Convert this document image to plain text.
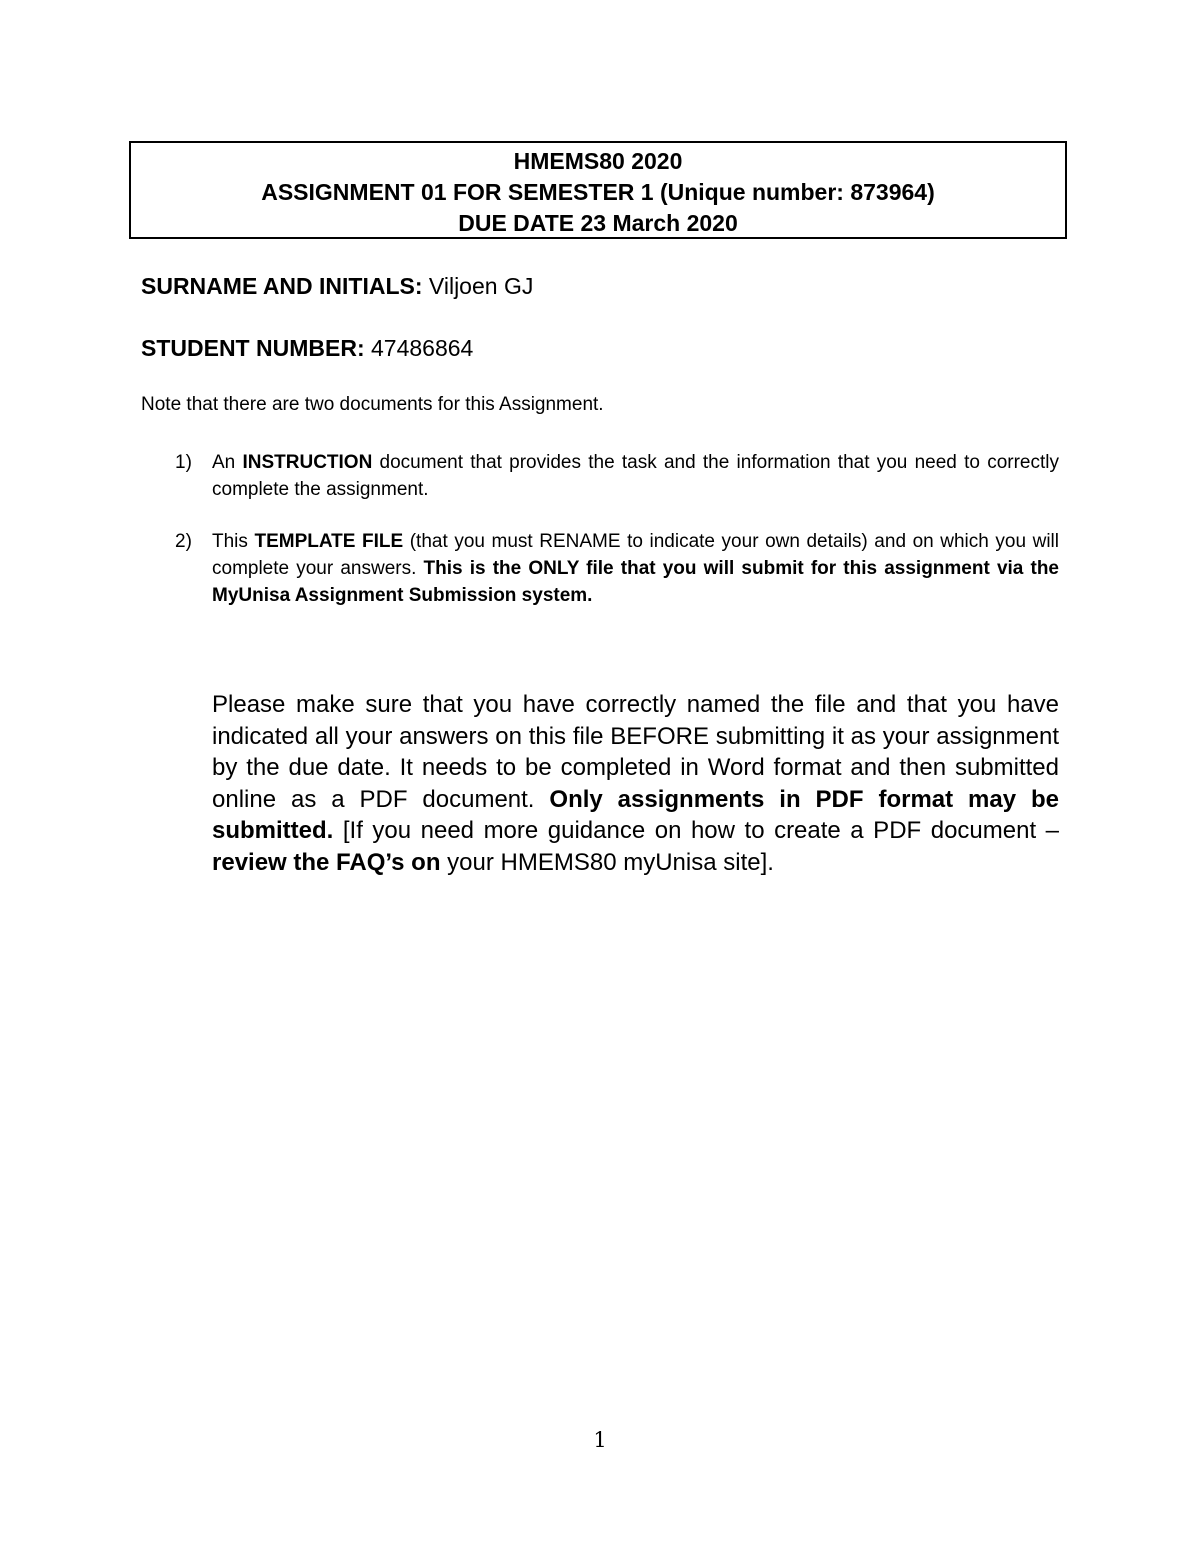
HMEMS80 2020
ASSIGNMENT 01 FOR SEMESTER 1 (Unique number: 873964)
DUE DATE 23 March 2020
SURNAME AND INITIALS: Viljoen GJ
STUDENT NUMBER: 47486864
Note that there are two documents for this Assignment.
1) An INSTRUCTION document that provides the task and the information that you need to correctly complete the assignment.
2) This TEMPLATE FILE (that you must RENAME to indicate your own details) and on which you will complete your answers. This is the ONLY file that you will submit for this assignment via the MyUnisa Assignment Submission system.
Please make sure that you have correctly named the file and that you have indicated all your answers on this file BEFORE submitting it as your assignment by the due date. It needs to be completed in Word format and then submitted online as a PDF document. Only assignments in PDF format may be submitted. [If you need more guidance on how to create a PDF document – review the FAQ’s on your HMEMS80 myUnisa site].
1
